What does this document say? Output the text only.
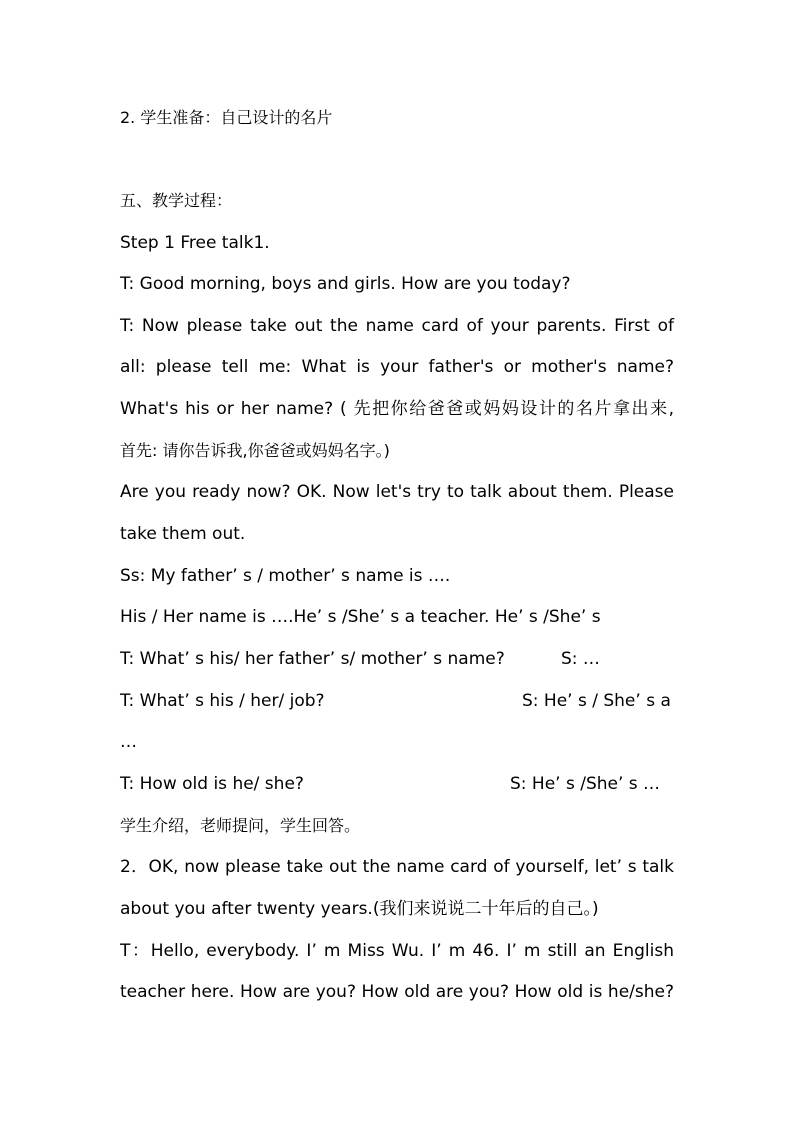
2. 学生准备：自己设计的名片
五、教学过程：
Step 1 Free talk1.
T: Good morning, boys and girls. How are you today?
T: Now please take out the name card of your parents. First of
all: please tell me: What is your father's or mother's name?
What's his or her name? ( 先把你给爸爸或妈妈设计的名片拿出来,
首先: 请你告诉我,你爸爸或妈妈名字。)
Are you ready now? OK. Now let's try to talk about them. Please
take them out.
Ss: My father’ s / mother’ s name is ….
His / Her name is ….He’ s /She’ s a teacher. He’ s /She’ s
T: What’ s his/ her father’ s/ mother’ s name?	S: …
T: What’ s his / her/ job?	S: He’ s / She’ s a
…
T: How old is he/ she?	S: He’ s /She’ s …
学生介绍，老师提问，学生回答。
2．OK, now please take out the name card of yourself, let’ s talk
about you after twenty years.(我们来说说二十年后的自己。)
T：Hello, everybody. I’ m Miss Wu. I’ m 46. I’ m still an English
teacher here. How are you? How old are you? How old is he/she?
